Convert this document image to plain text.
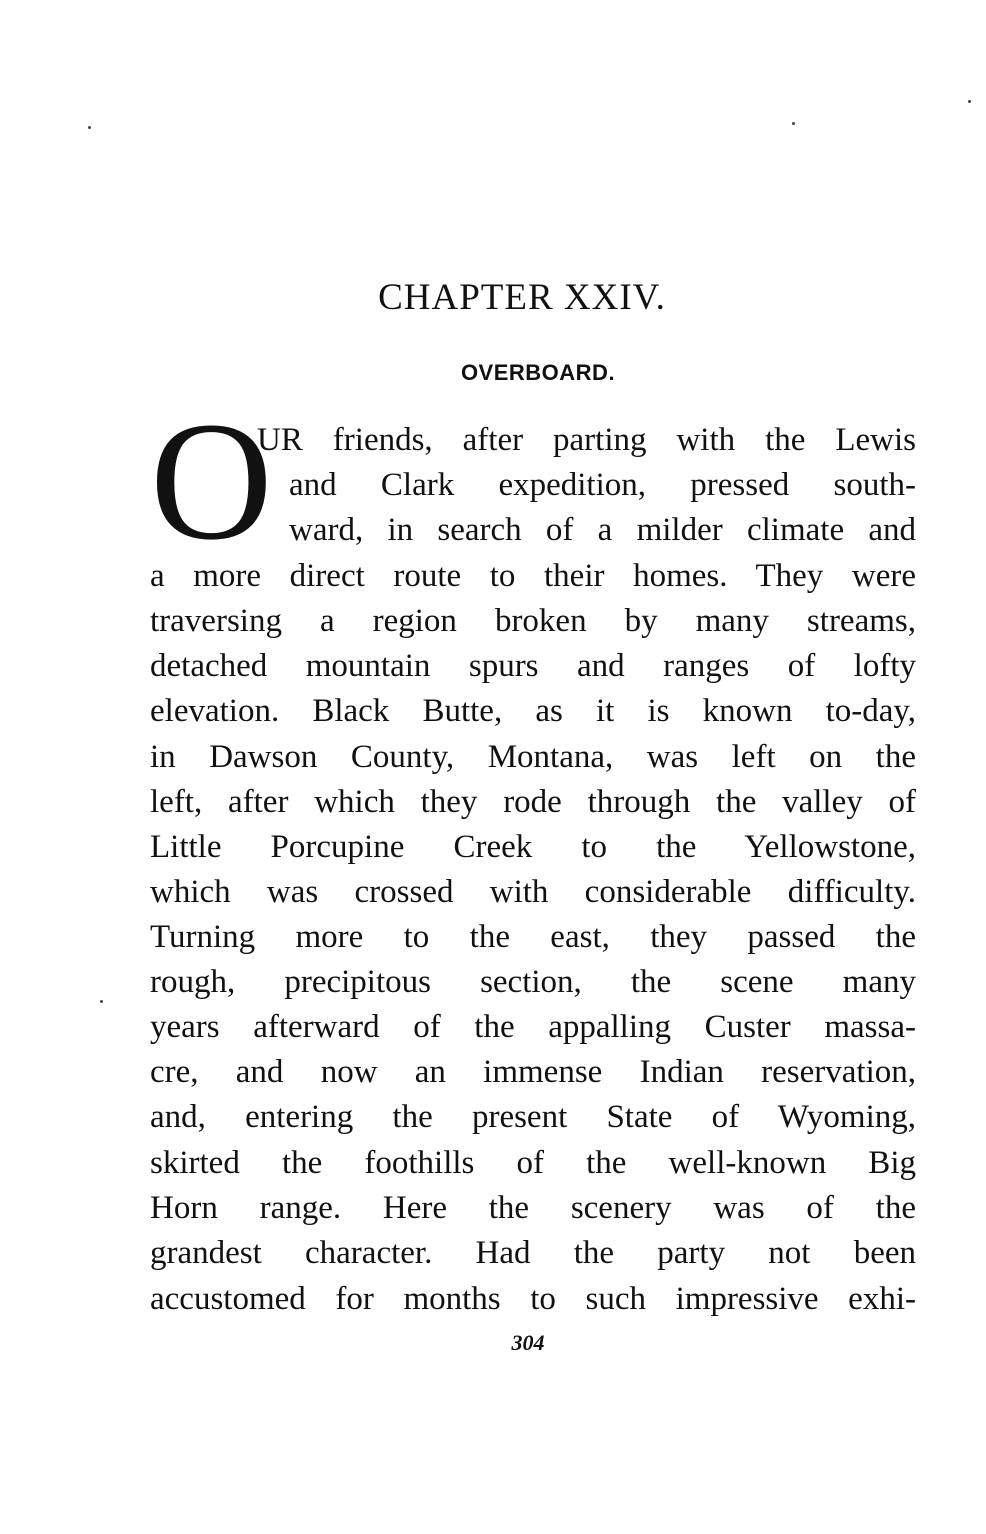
CHAPTER XXIV.
OVERBOARD.
O
UR friends, after parting with the Lewis
and Clark expedition, pressed south-
ward, in search of a milder climate and
a more direct route to their homes. They were
traversing a region broken by many streams,
detached mountain spurs and ranges of lofty
elevation. Black Butte, as it is known to-day,
in Dawson County, Montana, was left on the
left, after which they rode through the valley of
Little Porcupine Creek to the Yellowstone,
which was crossed with considerable difficulty.
Turning more to the east, they passed the
rough, precipitous section, the scene many
years afterward of the appalling Custer massa-
cre, and now an immense Indian reservation,
and, entering the present State of Wyoming,
skirted the foothills of the well-known Big
Horn range. Here the scenery was of the
grandest character. Had the party not been
accustomed for months to such impressive exhi-
304
